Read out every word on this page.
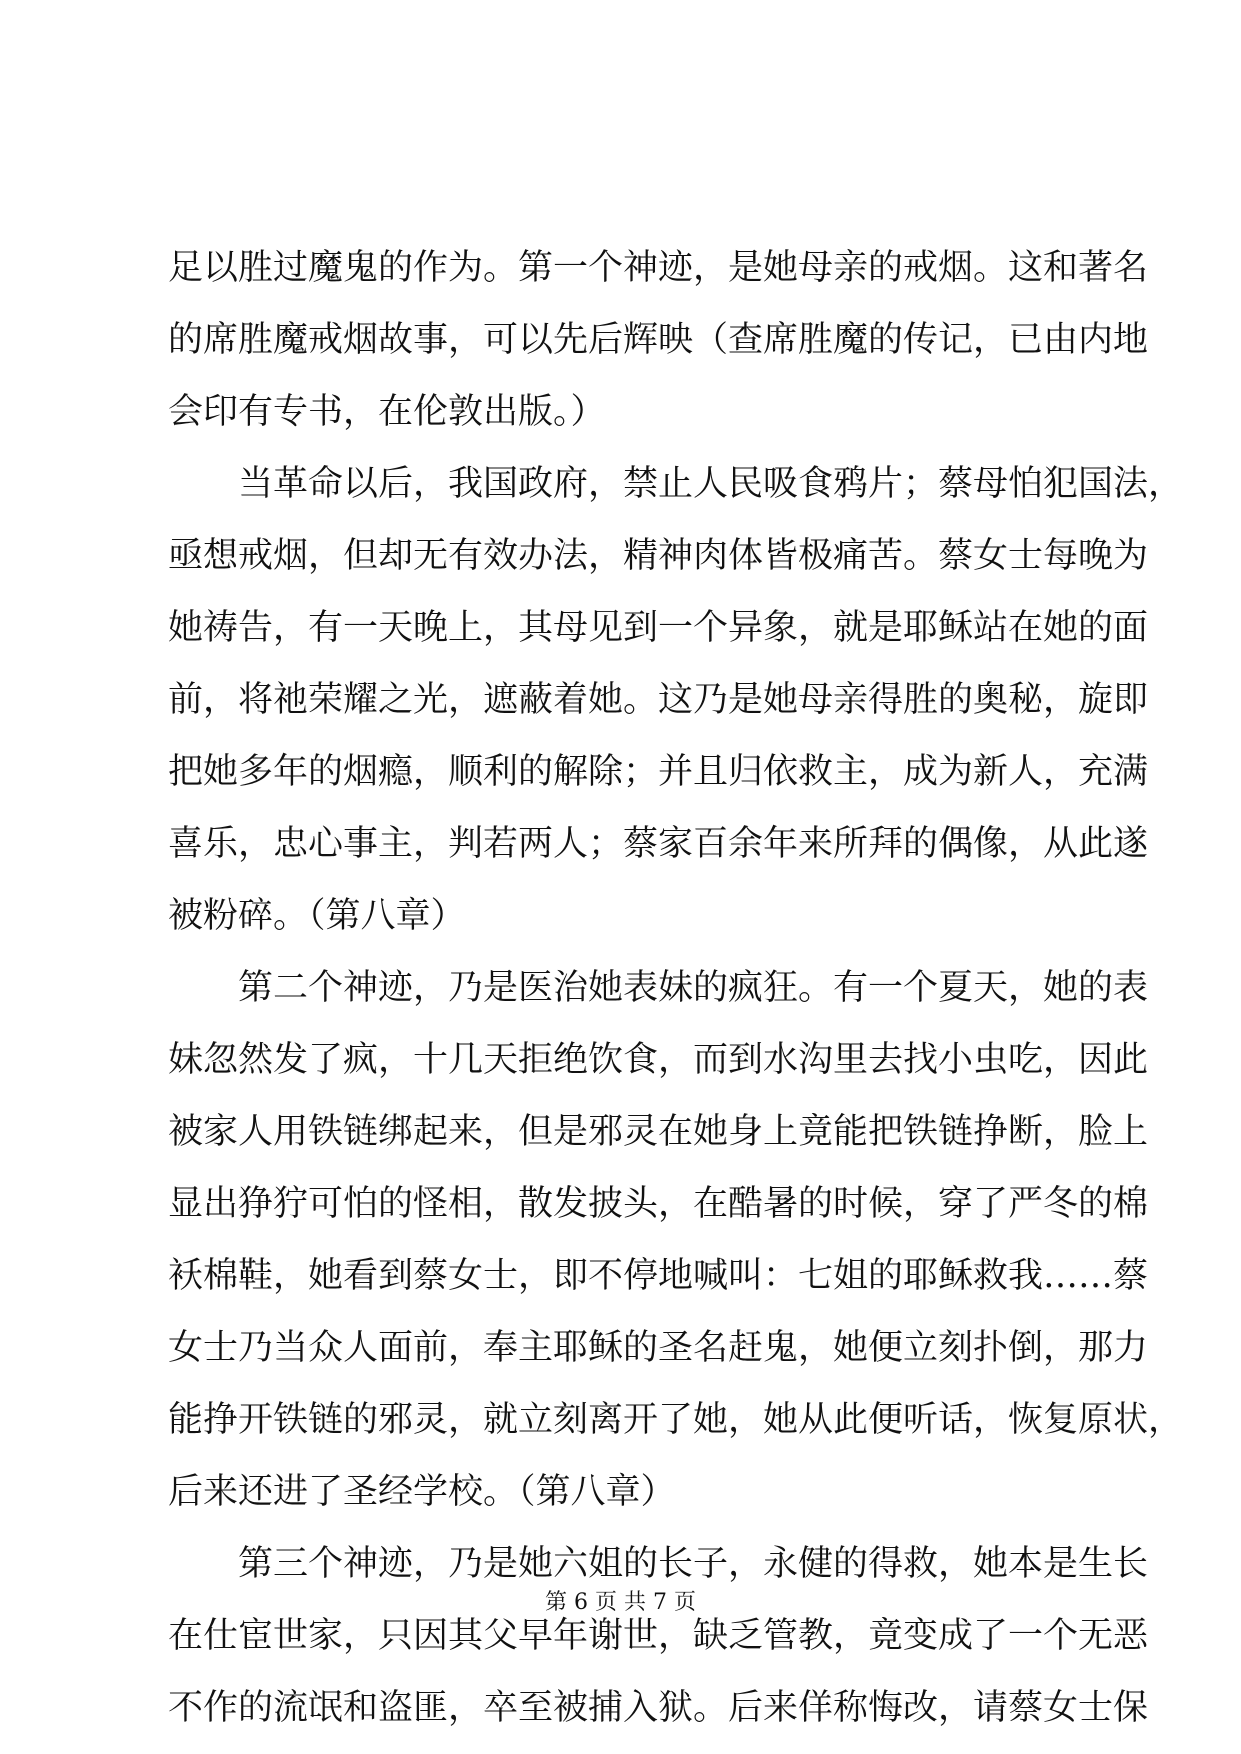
足以胜过魔鬼的作为。第一个神迹，是她母亲的戒烟。这和著名
的席胜魔戒烟故事，可以先后辉映（查席胜魔的传记，已由内地
会印有专书，在伦敦出版。）
当革命以后，我国政府，禁止人民吸食鸦片；蔡母怕犯国法，
亟想戒烟，但却无有效办法，精神肉体皆极痛苦。蔡女士每晚为
她祷告，有一天晚上，其母见到一个异象，就是耶稣站在她的面
前，将祂荣耀之光，遮蔽着她。这乃是她母亲得胜的奥秘，旋即
把她多年的烟瘾，顺利的解除；并且归依救主，成为新人，充满
喜乐，忠心事主，判若两人；蔡家百余年来所拜的偶像，从此遂
被粉碎。（第八章）
第二个神迹，乃是医治她表妹的疯狂。有一个夏天，她的表
妹忽然发了疯，十几天拒绝饮食，而到水沟里去找小虫吃，因此
被家人用铁链绑起来，但是邪灵在她身上竟能把铁链挣断，脸上
显出狰狞可怕的怪相，散发披头，在酷暑的时候，穿了严冬的棉
袄棉鞋，她看到蔡女士，即不停地喊叫：七姐的耶稣救我……蔡
女士乃当众人面前，奉主耶稣的圣名赶鬼，她便立刻扑倒，那力
能挣开铁链的邪灵，就立刻离开了她，她从此便听话，恢复原状，
后来还进了圣经学校。（第八章）
第三个神迹，乃是她六姐的长子，永健的得救，她本是生长
在仕宦世家，只因其父早年谢世，缺乏管教，竟变成了一个无恶
不作的流氓和盗匪，卒至被捕入狱。后来佯称悔改，请蔡女士保
第 6 页 共 7 页
